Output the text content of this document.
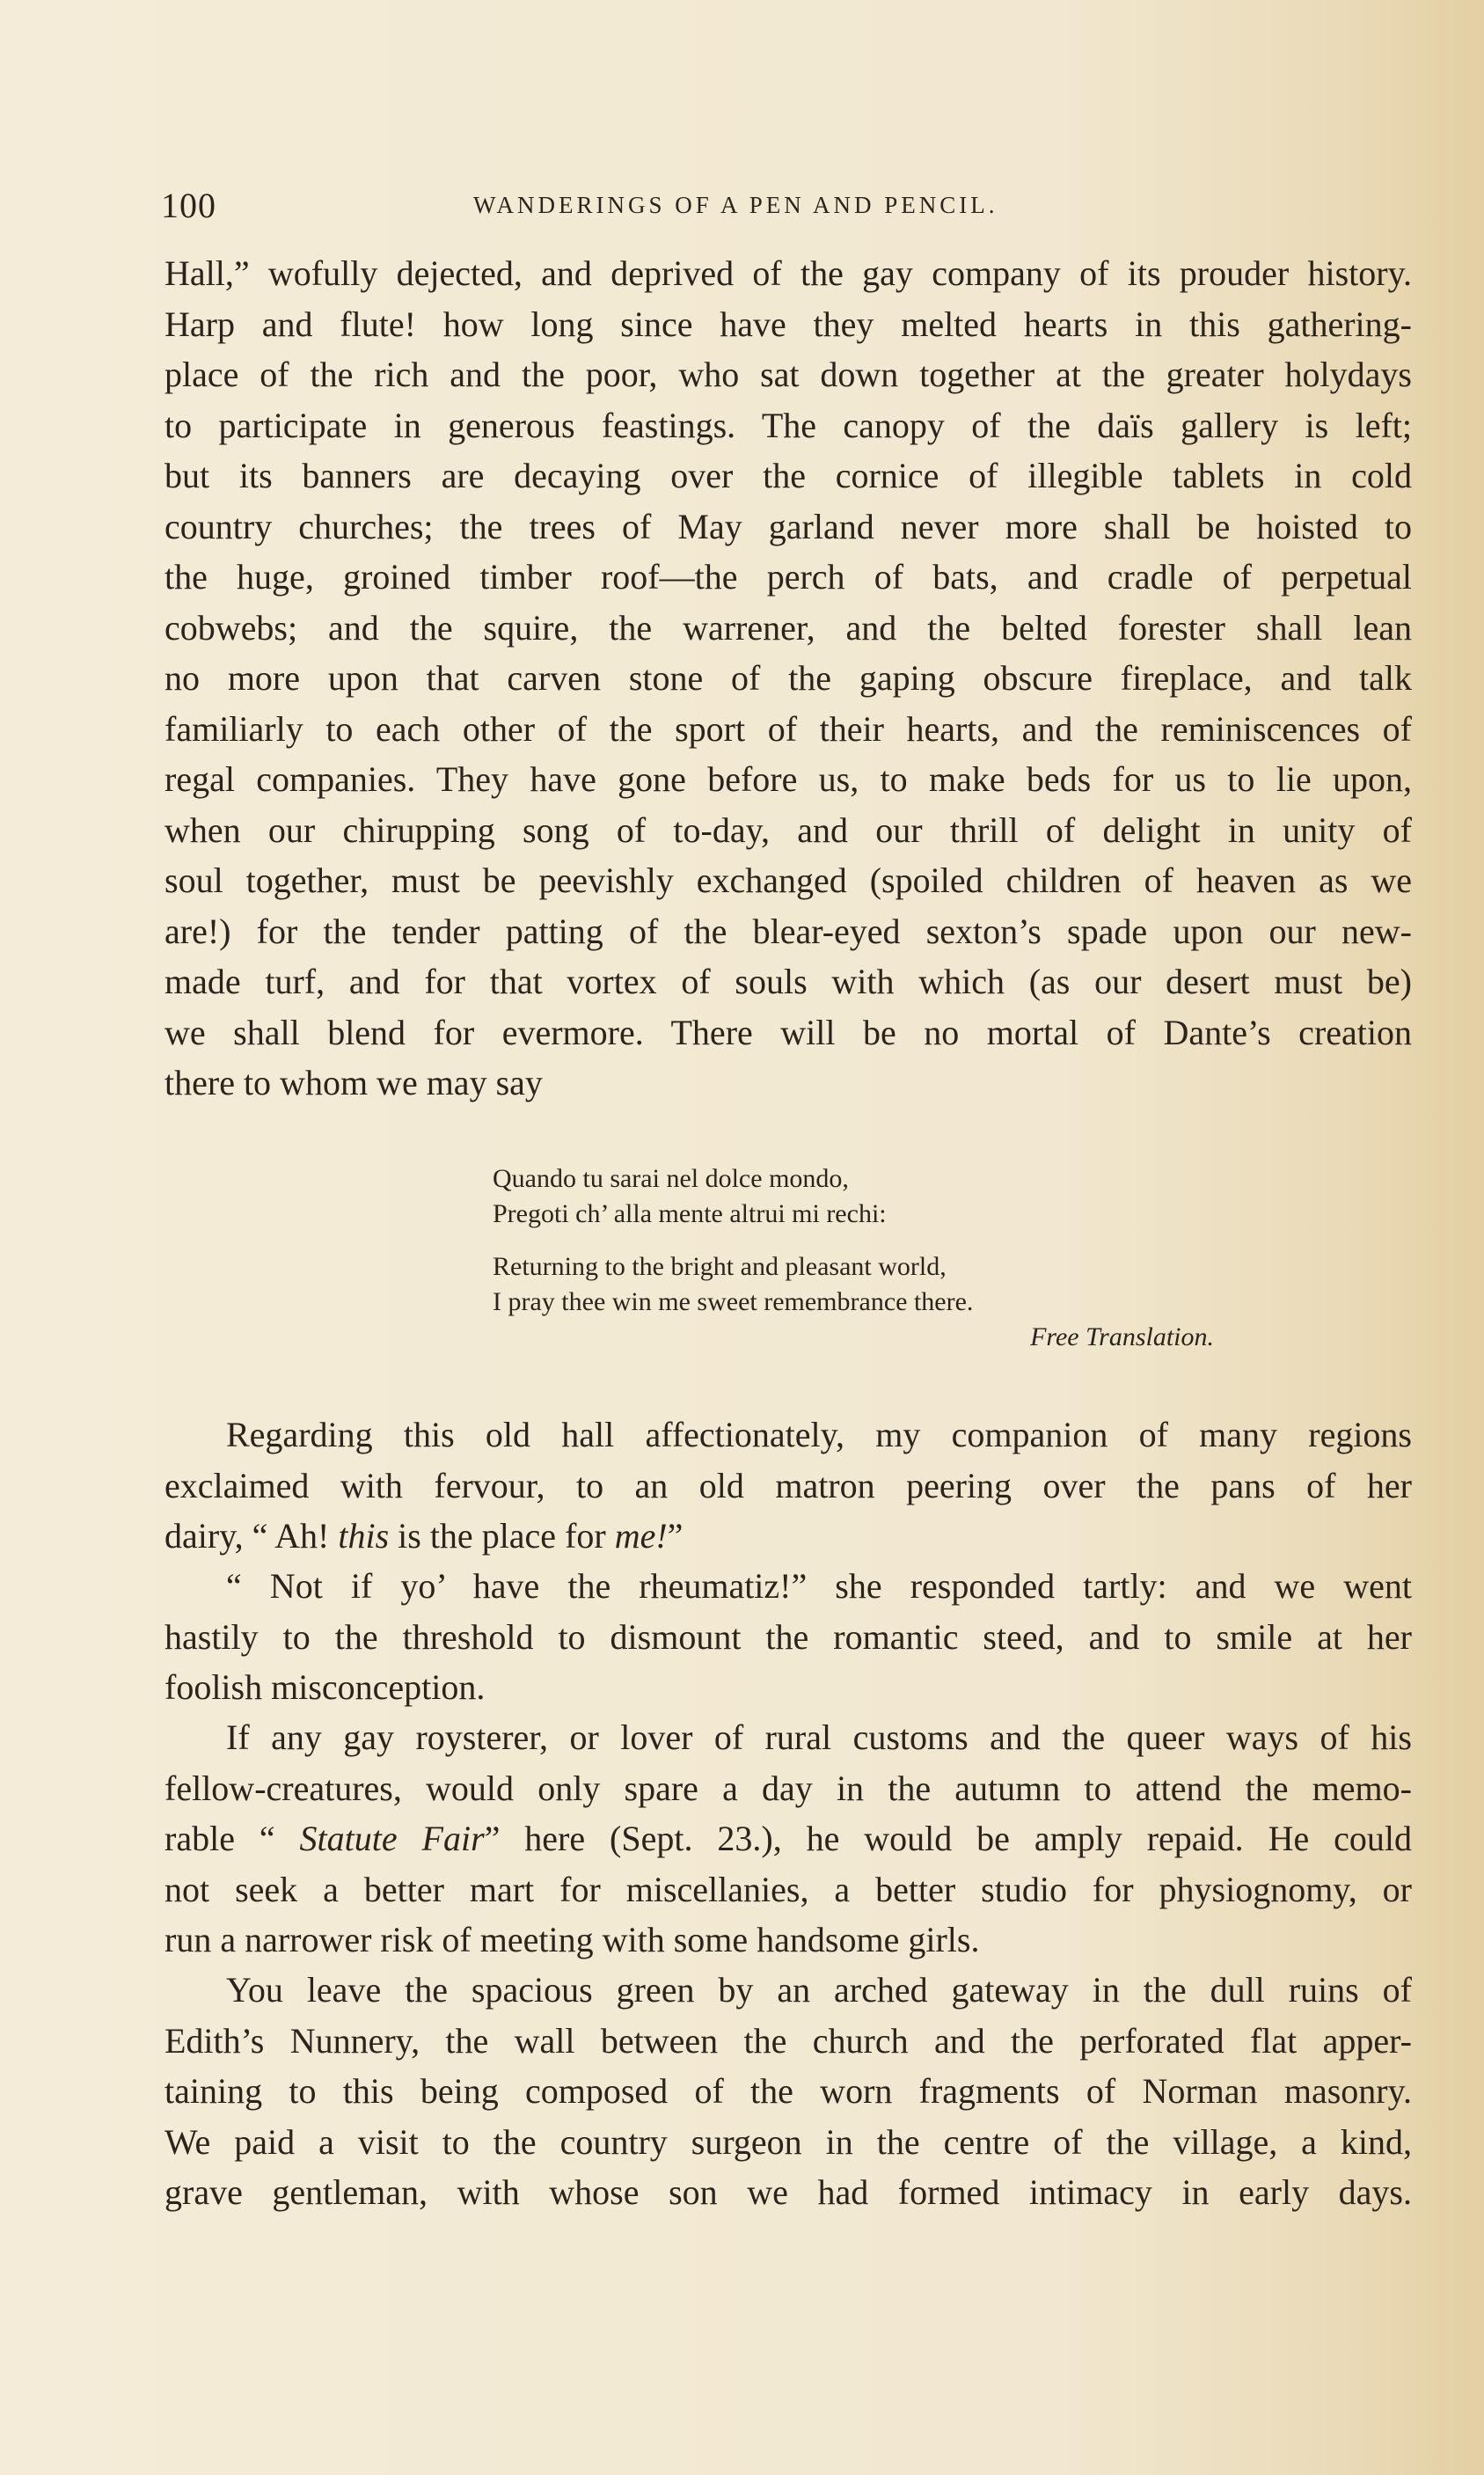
100	WANDERINGS OF A PEN AND PENCIL.
Hall,” wofully dejected, and deprived of the gay company of its prouder history.
Harp and flute! how long since have they melted hearts in this gathering-
place of the rich and the poor, who sat down together at the greater holydays
to participate in generous feastings. The canopy of the daïs gallery is left;
but its banners are decaying over the cornice of illegible tablets in cold
country churches; the trees of May garland never more shall be hoisted to
the huge, groined timber roof—the perch of bats, and cradle of perpetual
cobwebs; and the squire, the warrener, and the belted forester shall lean
no more upon that carven stone of the gaping obscure fireplace, and talk
familiarly to each other of the sport of their hearts, and the reminiscences of
regal companies. They have gone before us, to make beds for us to lie upon,
when our chirupping song of to-day, and our thrill of delight in unity of
soul together, must be peevishly exchanged (spoiled children of heaven as we
are!) for the tender patting of the blear-eyed sexton’s spade upon our new-
made turf, and for that vortex of souls with which (as our desert must be)
we shall blend for evermore. There will be no mortal of Dante’s creation
there to whom we may say
Quando tu sarai nel dolce mondo,
Pregoti ch’ alla mente altrui mi rechi:
Returning to the bright and pleasant world,
I pray thee win me sweet remembrance there.
Free Translation.
Regarding this old hall affectionately, my companion of many regions
exclaimed with fervour, to an old matron peering over the pans of her
dairy, “ Ah! this is the place for me!”
“ Not if yo’ have the rheumatiz!” she responded tartly: and we went
hastily to the threshold to dismount the romantic steed, and to smile at her
foolish misconception.
If any gay roysterer, or lover of rural customs and the queer ways of his
fellow-creatures, would only spare a day in the autumn to attend the memo-
rable “ Statute Fair” here (Sept. 23.), he would be amply repaid. He could
not seek a better mart for miscellanies, a better studio for physiognomy, or
run a narrower risk of meeting with some handsome girls.
You leave the spacious green by an arched gateway in the dull ruins of
Edith’s Nunnery, the wall between the church and the perforated flat apper-
taining to this being composed of the worn fragments of Norman masonry.
We paid a visit to the country surgeon in the centre of the village, a kind,
grave gentleman, with whose son we had formed intimacy in early days.
